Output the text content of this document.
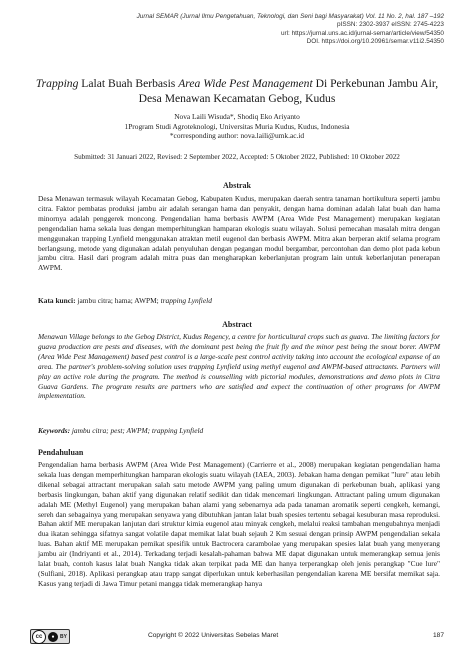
Jurnal SEMAR (Jurnal Ilmu Pengetahuan, Teknologi, dan Seni bagi Masyarakat) Vol. 11 No. 2, hal. 187 –192
pISSN: 2302-3937 eISSN: 2745-4223
url: https://jurnal.uns.ac.id/jurnal-semar/article/view/54350
DOI. https://doi.org/10.20961/semar.v11i2.54350
Trapping Lalat Buah Berbasis Area Wide Pest Management Di Perkebunan Jambu Air,
Desa Menawan Kecamatan Gebog, Kudus
Nova Laili Wisuda*, Shodiq Eko Ariyanto
1Program Studi Agroteknologi, Universitas Muria Kudus, Kudus, Indonesia
*corresponding author: nova.laili@umk.ac.id
Submitted: 31 Januari 2022, Revised: 2 September 2022, Accepted: 5 Oktober 2022, Published: 10 Oktober 2022
Abstrak

Desa Menawan termasuk wilayah Kecamatan Gebog, Kabupaten Kudus, merupakan daerah sentra tanaman hortikultura seperti jambu citra. Faktor pembatas produksi jambu air adalah serangan hama dan penyakit, dengan hama dominan adalah lalat buah dan hama minornya adalah penggerek moncong. Pengendalian hama berbasis AWPM (Area Wide Pest Management) merupakan kegiatan pengendalian hama sekala luas dengan memperhitungkan hamparan ekologis suatu wilayah. Solusi pemecahan masalah mitra dengan menggunakan trapping Lynfield menggunakan atraktan metil eugenol dan berbasis AWPM. Mitra akan berperan aktif selama program berlangsung, metode yang digunakan adalah penyuluhan dengan pegangan modul bergambar, percontohan dan demo plot pada kebun jambu citra. Hasil dari program adalah mitra puas dan mengharapkan keberlanjutan program lain untuk keberlanjutan penerapan AWPM.

Kata kunci: jambu citra; hama; AWPM; trapping Lynfield
Abstract

Menawan Village belongs to the Gebog District, Kudus Regency, a centre for horticultural crops such as guava. The limiting factors for guava production are pests and diseases, with the dominant pest being the fruit fly and the minor pest being the snout borer. AWPM (Area Wide Pest Management) based pest control is a large-scale pest control activity taking into account the ecological expanse of an area. The partner's problem-solving solution uses trapping Lynfield using methyl eugenol and AWPM-based attractants. Partners will play an active role during the program. The method is counselling with pictorial modules, demonstrations and demo plots in Citra Guava Gardens. The program results are partners who are satisfied and expect the continuation of other programs for AWPM implementation.

Keywords: jambu citra; pest; AWPM; trapping Lynfield
Pendahuluan

Pengendalian hama berbasis AWPM (Area Wide Pest Management) (Carrierre et al., 2008) merupakan kegiatan pengendalian hama sekala luas dengan memperhitungkan hamparan ekologis suatu wilayah (IAEA, 2003). Jebakan hama dengan pemikat "lure" atau lebih dikenal sebagai attractant merupakan salah satu metode AWPM yang paling umum digunakan di perkebunan buah, aplikasi yang berbasis lingkungan, bahan aktif yang digunakan relatif sedikit dan tidak mencemari lingkungan. Attractant paling umum digunakan adalah ME (Methyl Eugenol) yang merupakan bahan alami yang sebenarnya ada pada tanaman aromatik seperti cengkeh, kemangi, sereh dan sebagainya yang merupakan senyawa yang dibutuhkan jantan lalat buah spesies tertentu sebagai kesuburan masa reproduksi. Bahan aktif ME merupakan lanjutan dari struktur kimia eugenol atau minyak cengkeh, melalui reaksi tambahan mengubahnya menjadi dua ikatan sehingga sifatnya sangat volatile dapat memikat lalat buah sejauh 2 Km sesuai dengan prinsip AWPM pengendalian sekala luas. Bahan aktif ME merupakan pemikat spesifik untuk Bactrocera carambolae yang merupakan spesies lalat buah yang menyerang jambu air (Indriyanti et al., 2014). Terkadang terjadi kesalah-pahaman bahwa ME dapat digunakan untuk memerangkap semua jenis lalat buah, contoh kasus lalat buah Nangka tidak akan terpikat pada ME dan hanya terperangkap oleh jenis perangkap "Cue lure"(Sulfiani, 2018). Aplikasi perangkap atau trapp sangat diperlukan untuk keberhasilan pengendalian karena ME bersifat memikat saja. Kasus yang terjadi di Jawa Timur petani mangga tidak memerangkap hanya

cc	●	BY	Copyright © 2022 Universitas Sebelas Maret	187
